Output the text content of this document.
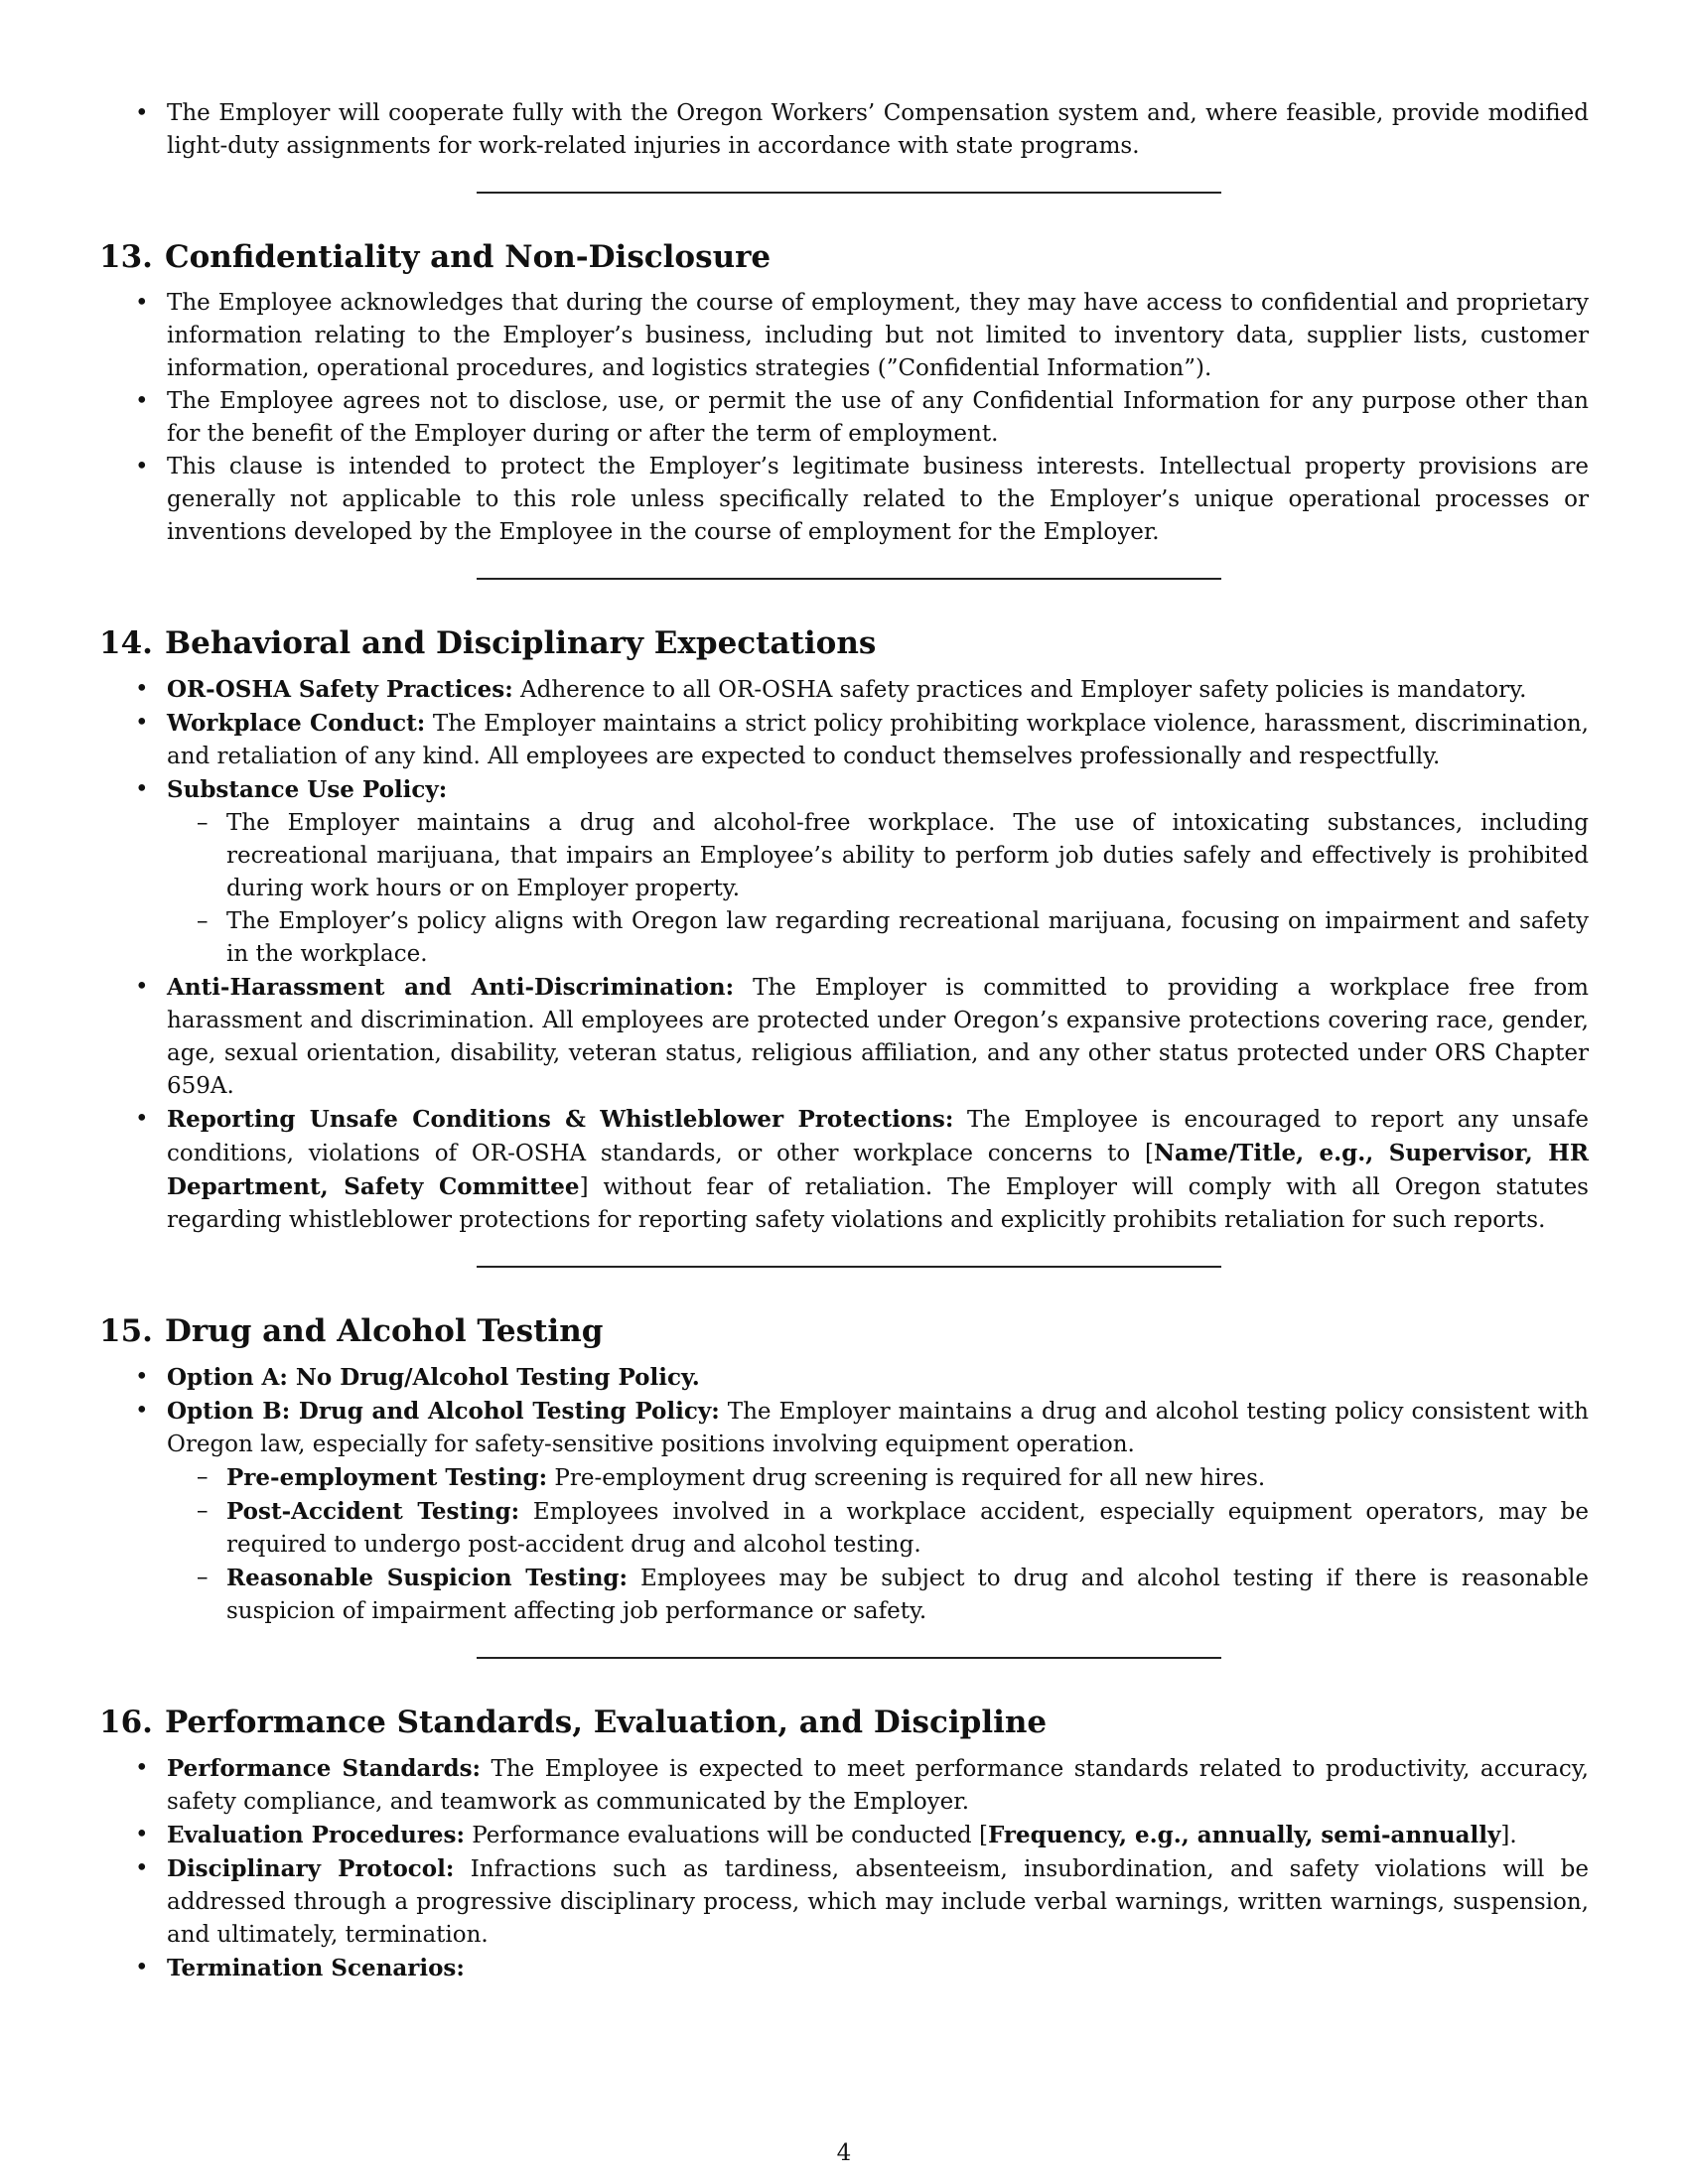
• The Employer will cooperate fully with the Oregon Workers’ Compensation system and, where feasible, provide modified light-duty assignments for work-related injuries in accordance with state programs.
13. Confidentiality and Non-Disclosure
• The Employee acknowledges that during the course of employment, they may have access to confidential and proprietary information relating to the Employer’s business, including but not limited to inventory data, supplier lists, customer information, operational procedures, and logistics strategies (”Confidential Information”).
• The Employee agrees not to disclose, use, or permit the use of any Confidential Information for any purpose other than for the benefit of the Employer during or after the term of employment.
• This clause is intended to protect the Employer’s legitimate business interests. Intellectual property provisions are generally not applicable to this role unless specifically related to the Employer’s unique operational processes or inventions developed by the Employee in the course of employment for the Employer.
14. Behavioral and Disciplinary Expectations
• OR-OSHA Safety Practices: Adherence to all OR-OSHA safety practices and Employer safety policies is mandatory.
• Workplace Conduct: The Employer maintains a strict policy prohibiting workplace violence, harassment, discrimination, and retaliation of any kind. All employees are expected to conduct themselves professionally and respectfully.
• Substance Use Policy:
– The Employer maintains a drug and alcohol-free workplace. The use of intoxicating substances, including recreational marijuana, that impairs an Employee’s ability to perform job duties safely and effectively is prohibited during work hours or on Employer property.
– The Employer’s policy aligns with Oregon law regarding recreational marijuana, focusing on impairment and safety in the workplace.
• Anti-Harassment and Anti-Discrimination: The Employer is committed to providing a workplace free from harassment and discrimination. All employees are protected under Oregon’s expansive protections covering race, gender, age, sexual orientation, disability, veteran status, religious affiliation, and any other status protected under ORS Chapter 659A.
• Reporting Unsafe Conditions & Whistleblower Protections: The Employee is encouraged to report any unsafe conditions, violations of OR-OSHA standards, or other workplace concerns to [Name/Title, e.g., Supervisor, HR Department, Safety Committee] without fear of retaliation. The Employer will comply with all Oregon statutes regarding whistleblower protections for reporting safety violations and explicitly prohibits retaliation for such reports.
15. Drug and Alcohol Testing
• Option A: No Drug/Alcohol Testing Policy.
• Option B: Drug and Alcohol Testing Policy: The Employer maintains a drug and alcohol testing policy consistent with Oregon law, especially for safety-sensitive positions involving equipment operation.
– Pre-employment Testing: Pre-employment drug screening is required for all new hires.
– Post-Accident Testing: Employees involved in a workplace accident, especially equipment operators, may be required to undergo post-accident drug and alcohol testing.
– Reasonable Suspicion Testing: Employees may be subject to drug and alcohol testing if there is reasonable suspicion of impairment affecting job performance or safety.
16. Performance Standards, Evaluation, and Discipline
• Performance Standards: The Employee is expected to meet performance standards related to productivity, accuracy, safety compliance, and teamwork as communicated by the Employer.
• Evaluation Procedures: Performance evaluations will be conducted [Frequency, e.g., annually, semi-annually].
• Disciplinary Protocol: Infractions such as tardiness, absenteeism, insubordination, and safety violations will be addressed through a progressive disciplinary process, which may include verbal warnings, written warnings, suspension, and ultimately, termination.
• Termination Scenarios:
4
